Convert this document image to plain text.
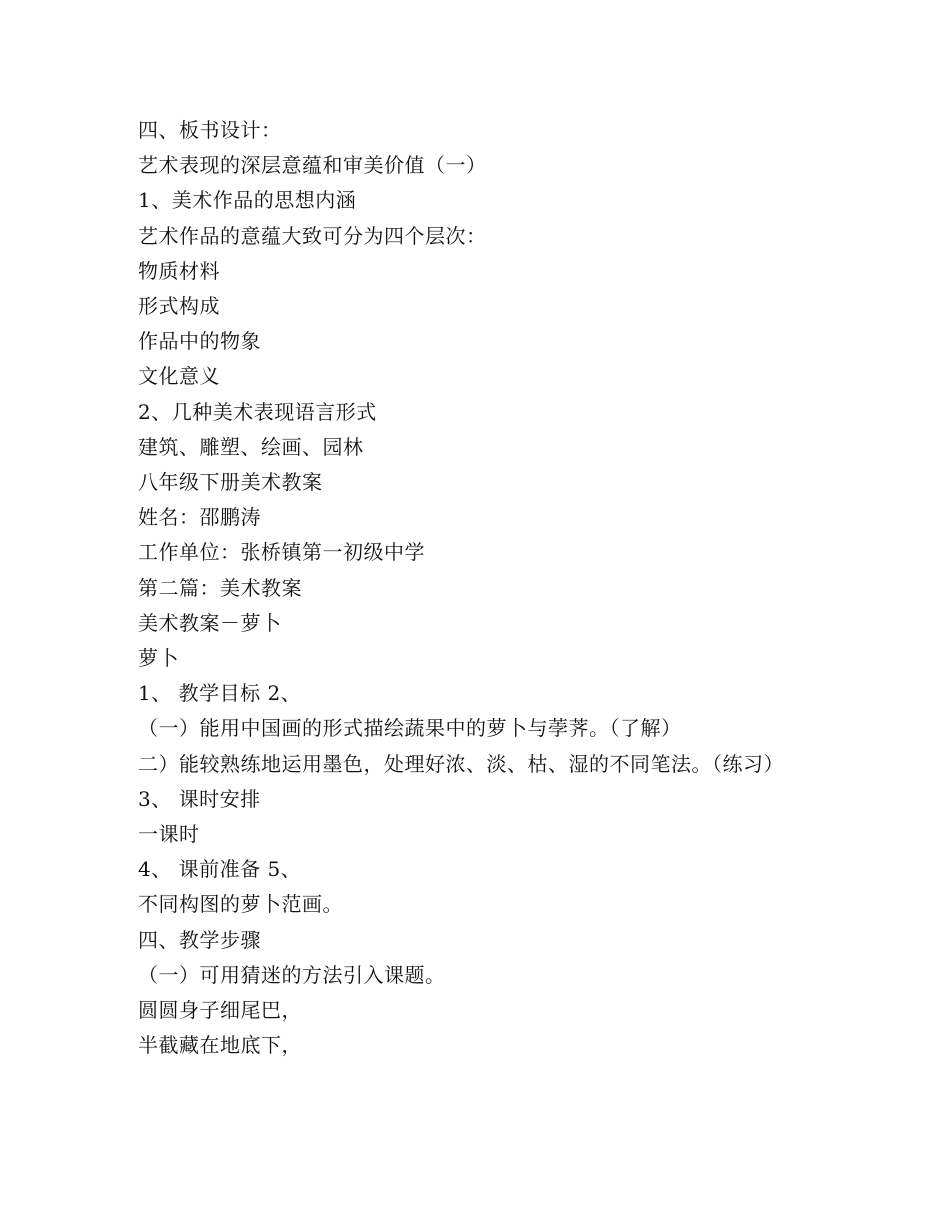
四、板书设计：

艺术表现的深层意蕴和审美价值（一）

1、美术作品的思想内涵

艺术作品的意蕴大致可分为四个层次：

物质材料

形式构成

作品中的物象

文化意义

2、几种美术表现语言形式

建筑、雕塑、绘画、园林

八年级下册美术教案

姓名：邵鹏涛

工作单位：张桥镇第一初级中学

第二篇：美术教案

美术教案－萝卜

萝卜

1、 教学目标 2、

（一）能用中国画的形式描绘蔬果中的萝卜与荸荠。（了解）

二）能较熟练地运用墨色，处理好浓、淡、枯、湿的不同笔法。（练习）

3、 课时安排

一课时

4、 课前准备 5、

不同构图的萝卜范画。

四、教学步骤

（一）可用猜迷的方法引入课题。

圆圆身子细尾巴，

半截藏在地底下，
